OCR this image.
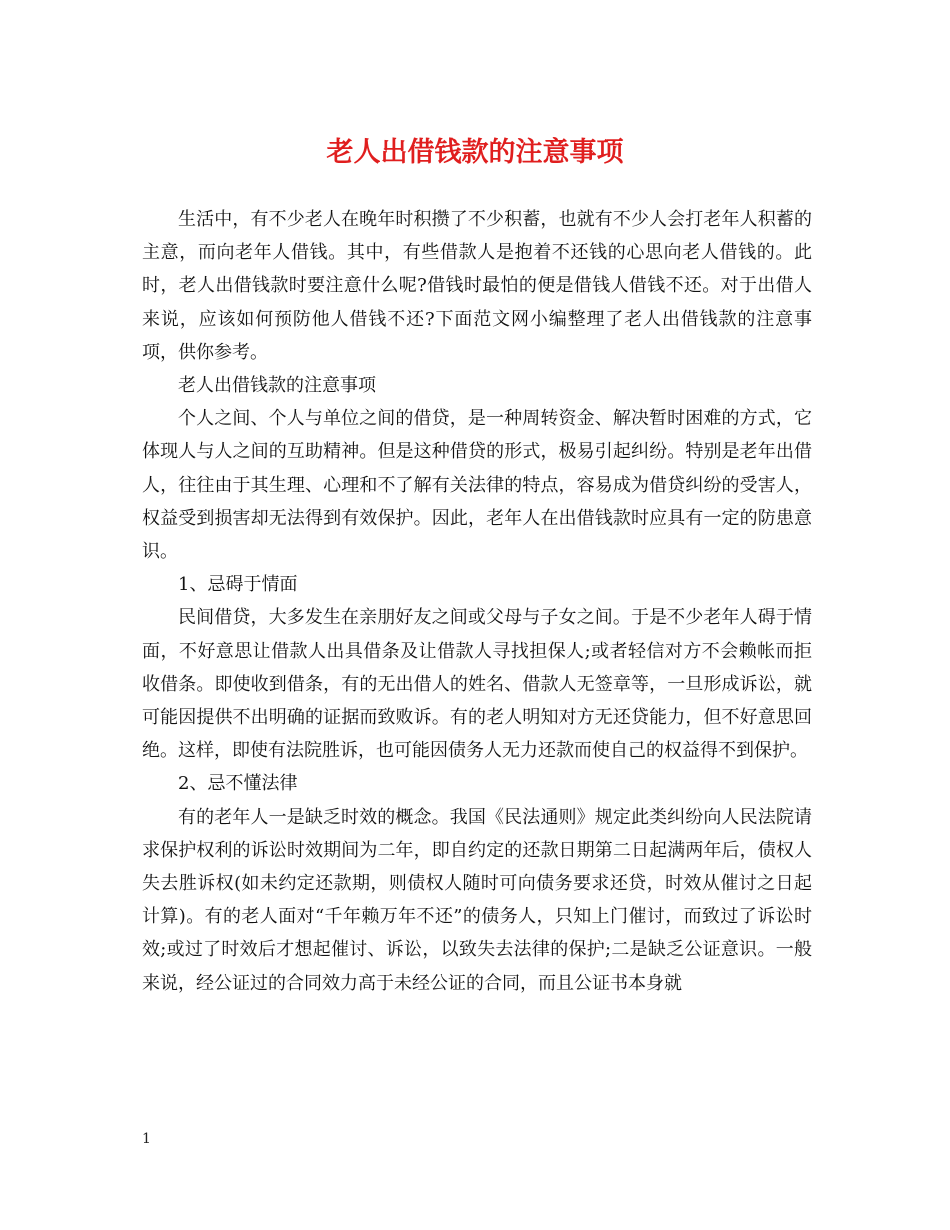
老人出借钱款的注意事项

生活中，有不少老人在晚年时积攒了不少积蓄，也就有不少人会打老年人积蓄的主意，而向老年人借钱。其中，有些借款人是抱着不还钱的心思向老人借钱的。此时，老人出借钱款时要注意什么呢?借钱时最怕的便是借钱人借钱不还。对于出借人来说，应该如何预防他人借钱不还?下面范文网小编整理了老人出借钱款的注意事项，供你参考。

老人出借钱款的注意事项

个人之间、个人与单位之间的借贷，是一种周转资金、解决暂时困难的方式，它体现人与人之间的互助精神。但是这种借贷的形式，极易引起纠纷。特别是老年出借人，往往由于其生理、心理和不了解有关法律的特点，容易成为借贷纠纷的受害人，权益受到损害却无法得到有效保护。因此，老年人在出借钱款时应具有一定的防患意识。

1、忌碍于情面

民间借贷，大多发生在亲朋好友之间或父母与子女之间。于是不少老年人碍于情面，不好意思让借款人出具借条及让借款人寻找担保人;或者轻信对方不会赖帐而拒收借条。即使收到借条，有的无出借人的姓名、借款人无签章等，一旦形成诉讼，就可能因提供不出明确的证据而致败诉。有的老人明知对方无还贷能力，但不好意思回绝。这样，即使有法院胜诉，也可能因债务人无力还款而使自己的权益得不到保护。

2、忌不懂法律

有的老年人一是缺乏时效的概念。我国《民法通则》规定此类纠纷向人民法院请求保护权利的诉讼时效期间为二年，即自约定的还款日期第二日起满两年后，债权人失去胜诉权(如未约定还款期，则债权人随时可向债务要求还贷，时效从催讨之日起计算)。有的老人面对“千年赖万年不还”的债务人，只知上门催讨，而致过了诉讼时效;或过了时效后才想起催讨、诉讼，以致失去法律的保护;二是缺乏公证意识。一般来说，经公证过的合同效力高于未经公证的合同，而且公证书本身就

1
